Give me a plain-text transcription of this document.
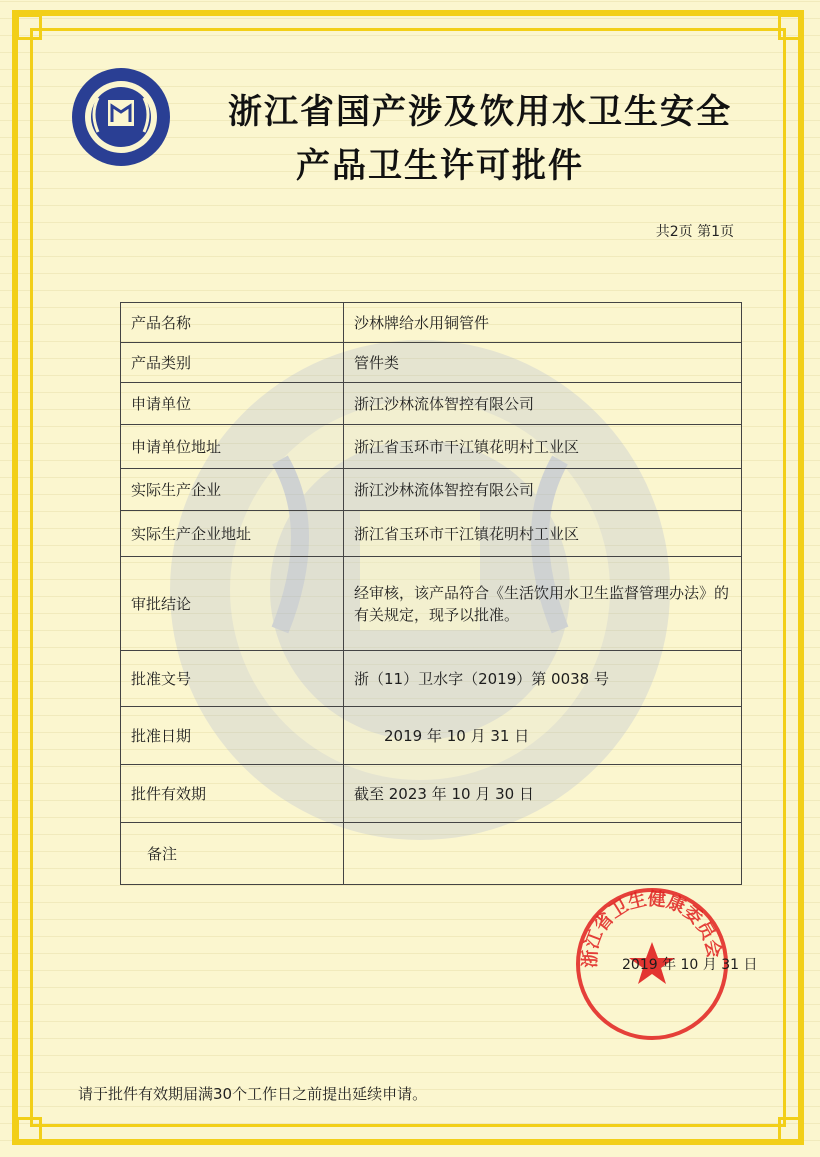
浙江省国产涉及饮用水卫生安全
产品卫生许可批件
共2页 第1页
产品名称	沙林牌给水用铜管件
产品类别	管件类
申请单位	浙江沙林流体智控有限公司
申请单位地址	浙江省玉环市干江镇花明村工业区
实际生产企业	浙江沙林流体智控有限公司
实际生产企业地址	浙江省玉环市干江镇花明村工业区
审批结论	经审核，该产品符合《生活饮用水卫生监督管理办法》的有关规定，现予以批准。
批准文号	浙（11）卫水字（2019）第 0038 号
批准日期	2019 年 10 月 31 日
批件有效期	截至 2023 年 10 月 30 日
备注	
浙江省卫生健康委员会
2019 年 10 月 31 日
请于批件有效期届满30个工作日之前提出延续申请。
